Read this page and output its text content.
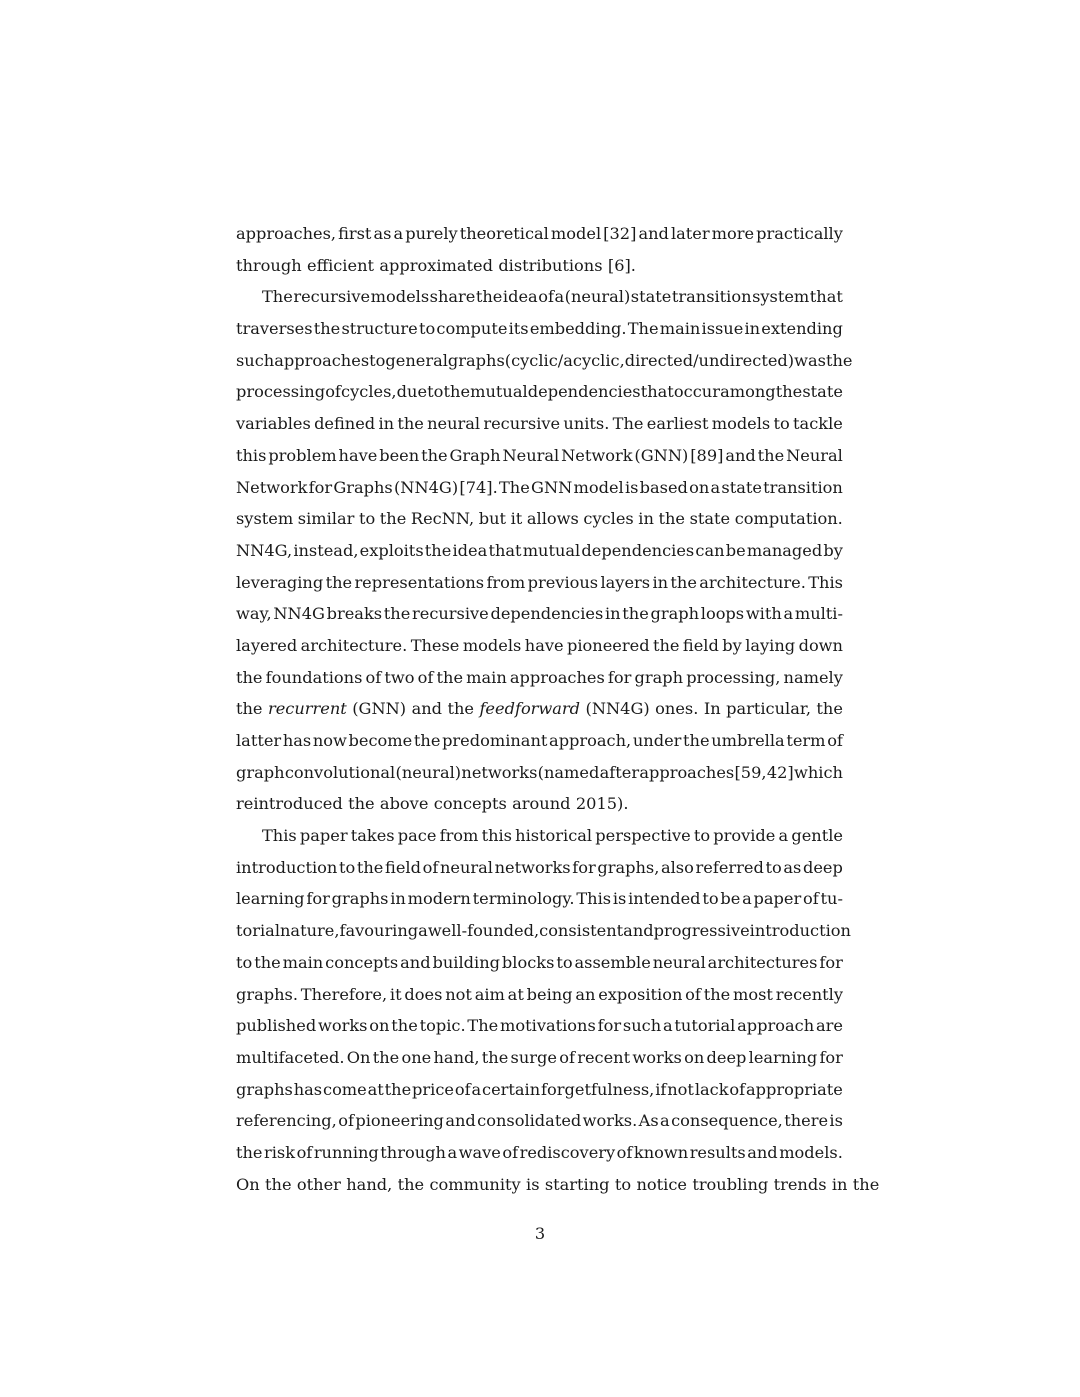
approaches, first as a purely theoretical model [32] and later more practically
through efficient approximated distributions [6].
The recursive models share the idea of a (neural) state transition system that
traverses the structure to compute its embedding. The main issue in extending
such approaches to general graphs (cyclic/acyclic, directed/undirected) was the
processing of cycles, due to the mutual dependencies that occur among the state
variables defined in the neural recursive units. The earliest models to tackle
this problem have been the Graph Neural Network (GNN) [89] and the Neural
Network for Graphs (NN4G) [74]. The GNN model is based on a state transition
system similar to the RecNN, but it allows cycles in the state computation.
NN4G, instead, exploits the idea that mutual dependencies can be managed by
leveraging the representations from previous layers in the architecture. This
way, NN4G breaks the recursive dependencies in the graph loops with a multi-
layered architecture. These models have pioneered the field by laying down
the foundations of two of the main approaches for graph processing, namely
the recurrent (GNN) and the feedforward (NN4G) ones. In particular, the
latter has now become the predominant approach, under the umbrella term of
graph convolutional (neural) networks (named after approaches [59, 42] which
reintroduced the above concepts around 2015).
This paper takes pace from this historical perspective to provide a gentle
introduction to the field of neural networks for graphs, also referred to as deep
learning for graphs in modern terminology. This is intended to be a paper of tu-
torial nature, favouring a well-founded, consistent and progressive introduction
to the main concepts and building blocks to assemble neural architectures for
graphs. Therefore, it does not aim at being an exposition of the most recently
published works on the topic. The motivations for such a tutorial approach are
multifaceted. On the one hand, the surge of recent works on deep learning for
graphs has come at the price of a certain forgetfulness, if not lack of appropriate
referencing, of pioneering and consolidated works. As a consequence, there is
the risk of running through a wave of rediscovery of known results and models.
On the other hand, the community is starting to notice troubling trends in the
3
